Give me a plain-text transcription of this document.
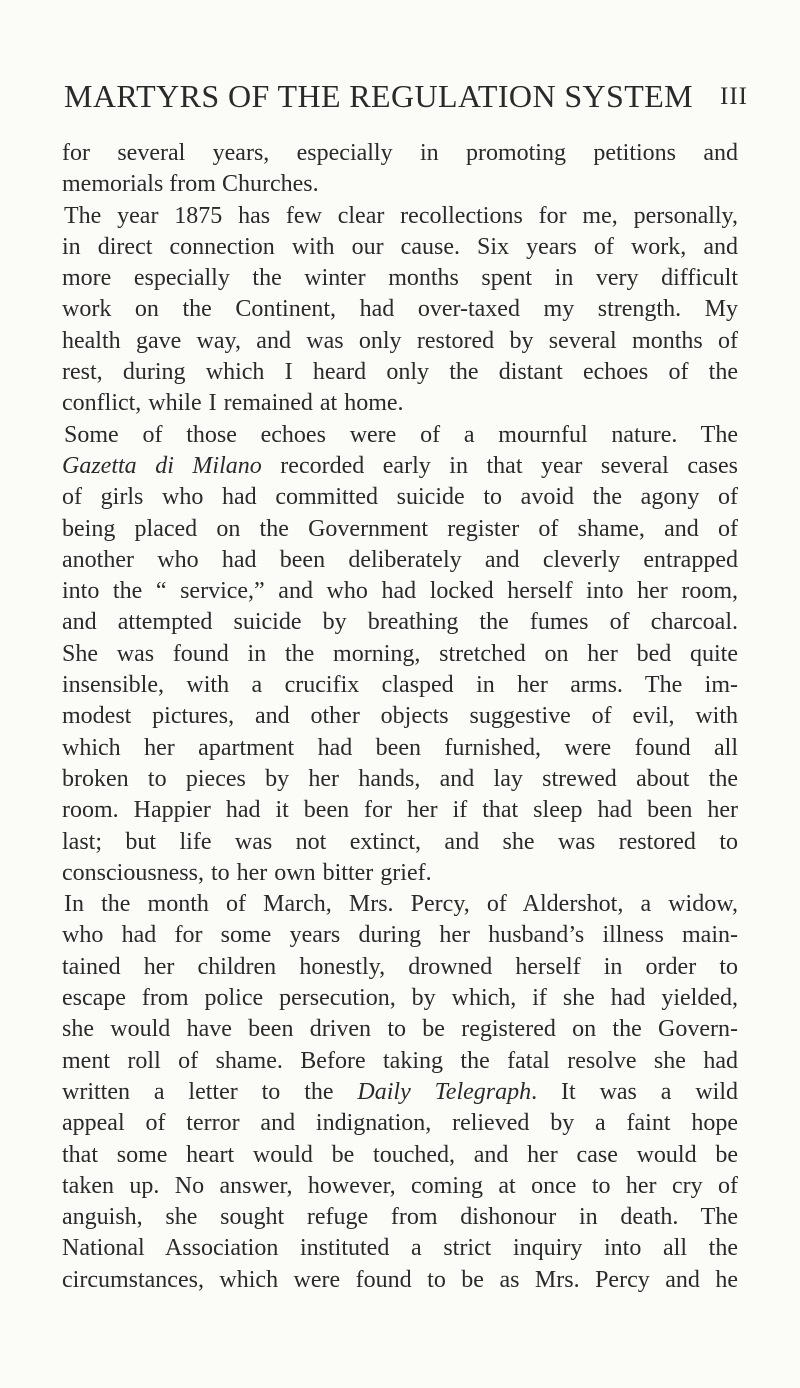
MARTYRS OF THE REGULATION SYSTEM III
for several years, especially in promoting petitions and
memorials from Churches.
The year 1875 has few clear recollections for me, personally,
in direct connection with our cause. Six years of work, and
more especially the winter months spent in very difficult
work on the Continent, had over-taxed my strength. My
health gave way, and was only restored by several months of
rest, during which I heard only the distant echoes of the
conflict, while I remained at home.
Some of those echoes were of a mournful nature. The
Gazetta di Milano recorded early in that year several cases
of girls who had committed suicide to avoid the agony of
being placed on the Government register of shame, and of
another who had been deliberately and cleverly entrapped
into the “ service,” and who had locked herself into her room,
and attempted suicide by breathing the fumes of charcoal.
She was found in the morning, stretched on her bed quite
insensible, with a crucifix clasped in her arms. The im-
modest pictures, and other objects suggestive of evil, with
which her apartment had been furnished, were found all
broken to pieces by her hands, and lay strewed about the
room. Happier had it been for her if that sleep had been her
last; but life was not extinct, and she was restored to
consciousness, to her own bitter grief.
In the month of March, Mrs. Percy, of Aldershot, a widow,
who had for some years during her husband’s illness main-
tained her children honestly, drowned herself in order to
escape from police persecution, by which, if she had yielded,
she would have been driven to be registered on the Govern-
ment roll of shame. Before taking the fatal resolve she had
written a letter to the Daily Telegraph. It was a wild
appeal of terror and indignation, relieved by a faint hope
that some heart would be touched, and her case would be
taken up. No answer, however, coming at once to her cry of
anguish, she sought refuge from dishonour in death. The
National Association instituted a strict inquiry into all the
circumstances, which were found to be as Mrs. Percy and he
